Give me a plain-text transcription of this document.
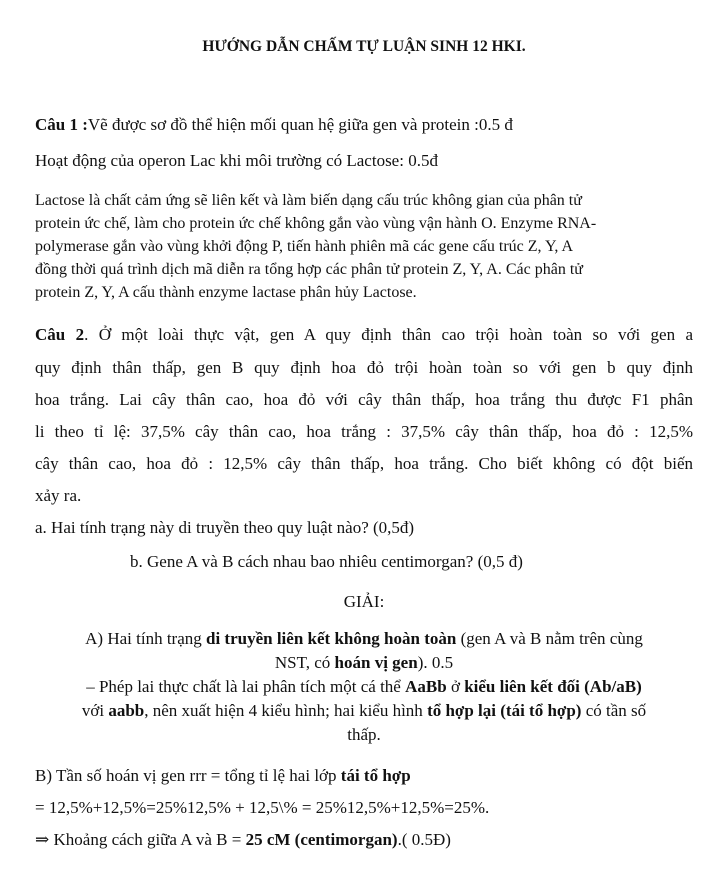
HƯỚNG DẪN CHẤM TỰ LUẬN SINH 12 HKI.
Câu 1 :Vẽ được sơ đồ thể hiện mối quan hệ giữa gen và protein :0.5 đ
Hoạt động của operon Lac khi môi trường có Lactose: 0.5đ
Lactose là chất cảm ứng sẽ liên kết và làm biến dạng cấu trúc không gian của phân tử
protein ức chế, làm cho protein ức chế không gắn vào vùng vận hành O. Enzyme RNA-
polymerase gắn vào vùng khởi động P, tiến hành phiên mã các gene cấu trúc Z, Y, A
đồng thời quá trình dịch mã diễn ra tổng hợp các phân tử protein Z, Y, A. Các phân tử
protein Z, Y, A cấu thành enzyme lactase phân hủy Lactose.
Câu 2. Ở một loài thực vật, gen A quy định thân cao trội hoàn toàn so với gen a
quy định thân thấp, gen B quy định hoa đỏ trội hoàn toàn so với gen b quy định
hoa trắng. Lai cây thân cao, hoa đỏ với cây thân thấp, hoa trắng thu được F1 phân
li theo tỉ lệ: 37,5% cây thân cao, hoa trắng : 37,5% cây thân thấp, hoa đỏ : 12,5%
cây thân cao, hoa đỏ : 12,5% cây thân thấp, hoa trắng. Cho biết không có đột biến
xảy ra.
a. Hai tính trạng này di truyền theo quy luật nào? (0,5đ)
b. Gene A và B cách nhau bao nhiêu centimorgan? (0,5 đ)
GIẢI:
A) Hai tính trạng di truyền liên kết không hoàn toàn (gen A và B nằm trên cùng
NST, có hoán vị gen). 0.5
– Phép lai thực chất là lai phân tích một cá thể AaBb ở kiểu liên kết đối (Ab/aB)
với aabb, nên xuất hiện 4 kiểu hình; hai kiểu hình tổ hợp lại (tái tổ hợp) có tần số
thấp.
B) Tần số hoán vị gen rrr = tổng tỉ lệ hai lớp tái tổ hợp
= 12,5%+12,5%=25%12,5% + 12,5\% = 25%12,5%+12,5%=25%.
⇒ Khoảng cách giữa A và B = 25 cM (centimorgan).( 0.5Đ)
